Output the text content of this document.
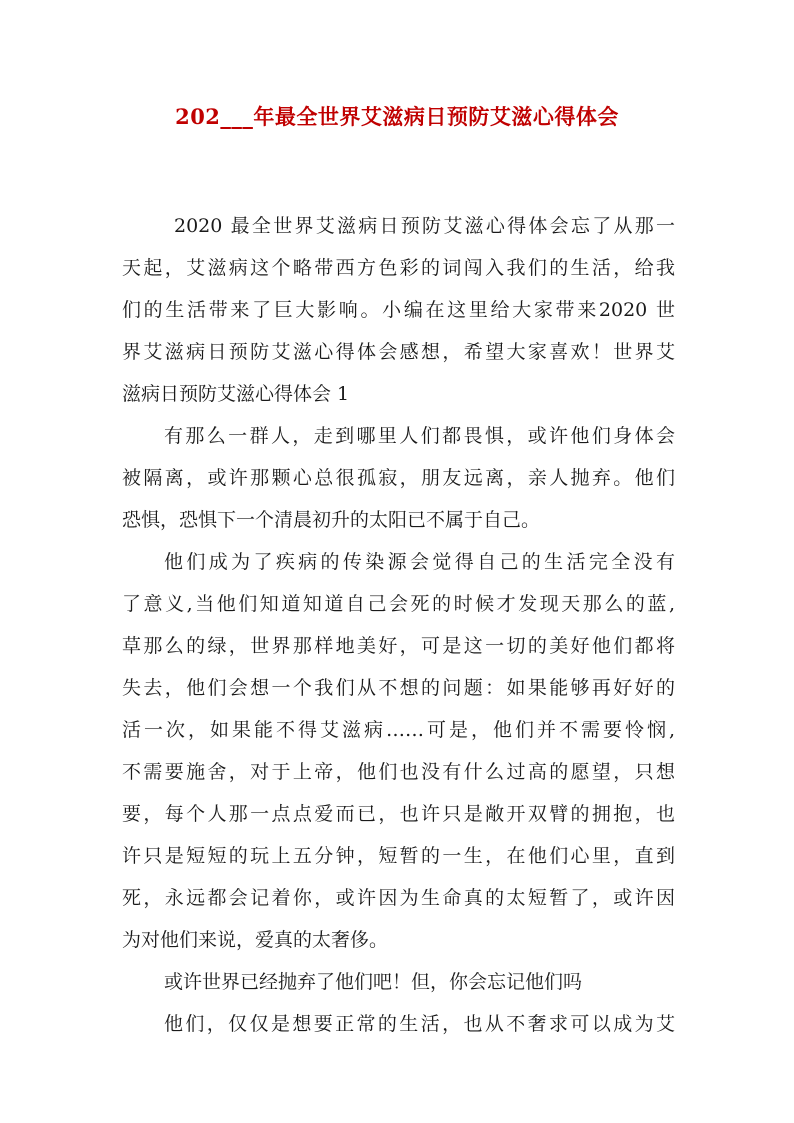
202___年最全世界艾滋病日预防艾滋心得体会
2020 最全世界艾滋病日预防艾滋心得体会忘了从那一
天起，艾滋病这个略带西方色彩的词闯入我们的生活，给我
们的生活带来了巨大影响。小编在这里给大家带来2020 世
界艾滋病日预防艾滋心得体会感想，希望大家喜欢！世界艾
滋病日预防艾滋心得体会 1
有那么一群人，走到哪里人们都畏惧，或许他们身体会
被隔离，或许那颗心总很孤寂，朋友远离，亲人抛弃。他们
恐惧，恐惧下一个清晨初升的太阳已不属于自己。
他们成为了疾病的传染源会觉得自己的生活完全没有
了意义,当他们知道知道自己会死的时候才发现天那么的蓝,
草那么的绿，世界那样地美好，可是这一切的美好他们都将
失去，他们会想一个我们从不想的问题：如果能够再好好的
活一次，如果能不得艾滋病……可是，他们并不需要怜悯,
不需要施舍，对于上帝，他们也没有什么过高的愿望，只想
要，每个人那一点点爱而已，也许只是敞开双臂的拥抱，也
许只是短短的玩上五分钟，短暂的一生，在他们心里，直到
死，永远都会记着你，或许因为生命真的太短暂了，或许因
为对他们来说，爱真的太奢侈。
或许世界已经抛弃了他们吧！但，你会忘记他们吗
他们，仅仅是想要正常的生活，也从不奢求可以成为艾
